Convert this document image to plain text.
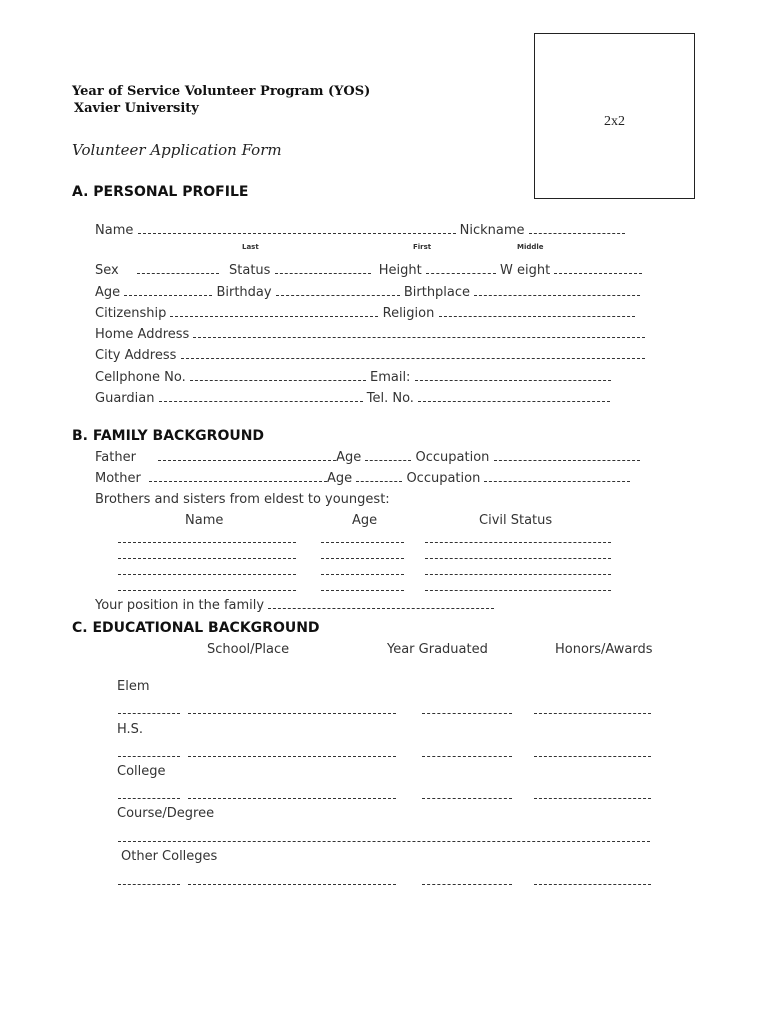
Year of Service Volunteer Program (YOS)
Xavier University
Volunteer Application Form
2x2
A. PERSONAL PROFILE
Name	Nickname
Last	First	Middle
Sex	Status	Height	W eight
Age	Birthday	Birthplace
Citizenship	Religion
Home Address
City Address
Cellphone No.	Email:
Guardian	Tel. No.
B. FAMILY BACKGROUND
Father	Age	Occupation
Mother	Age	Occupation
Brothers and sisters from eldest to youngest:
Name	Age	Civil Status
Your position in the family
C. EDUCATIONAL BACKGROUND
School/Place	Year Graduated	Honors/Awards
Elem
H.S.
College
Course/Degree
Other Colleges
